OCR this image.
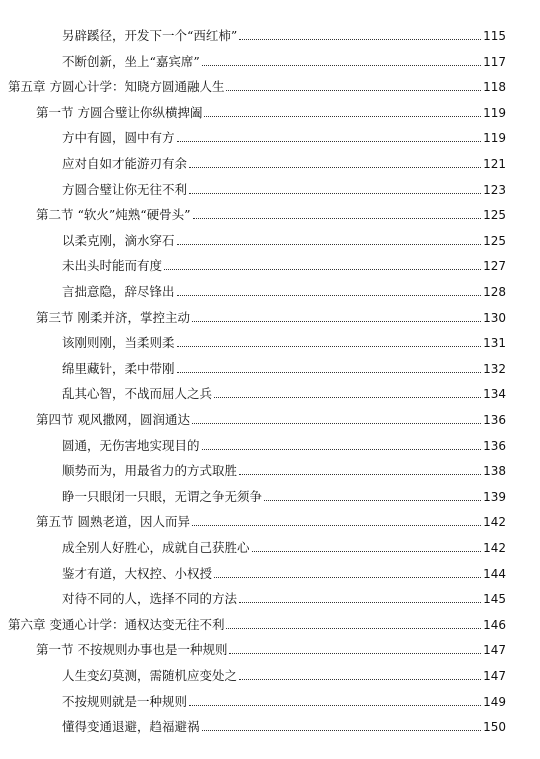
另辟蹊径，开发下一个“西红柿”	115
不断创新，坐上“嘉宾席”	117
第五章 方圆心计学：知晓方圆通融人生	118
第一节 方圆合璧让你纵横捭阖	119
方中有圆，圆中有方	119
应对自如才能游刃有余	121
方圆合璧让你无往不利	123
第二节 “软火”炖熟“硬骨头”	125
以柔克刚，滴水穿石	125
未出头时能而有度	127
言拙意隐，辞尽锋出	128
第三节 刚柔并济，掌控主动	130
该刚则刚，当柔则柔	131
绵里藏针，柔中带刚	132
乱其心智，不战而屈人之兵	134
第四节 观风撒网，圆润通达	136
圆通，无伤害地实现目的	136
顺势而为，用最省力的方式取胜	138
睁一只眼闭一只眼，无谓之争无须争	139
第五节 圆熟老道，因人而异	142
成全别人好胜心，成就自己获胜心	142
鉴才有道，大权控、小权授	144
对待不同的人，选择不同的方法	145
第六章 变通心计学：通权达变无往不利	146
第一节 不按规则办事也是一种规则	147
人生变幻莫测，需随机应变处之	147
不按规则就是一种规则	149
懂得变通退避，趋福避祸	150
